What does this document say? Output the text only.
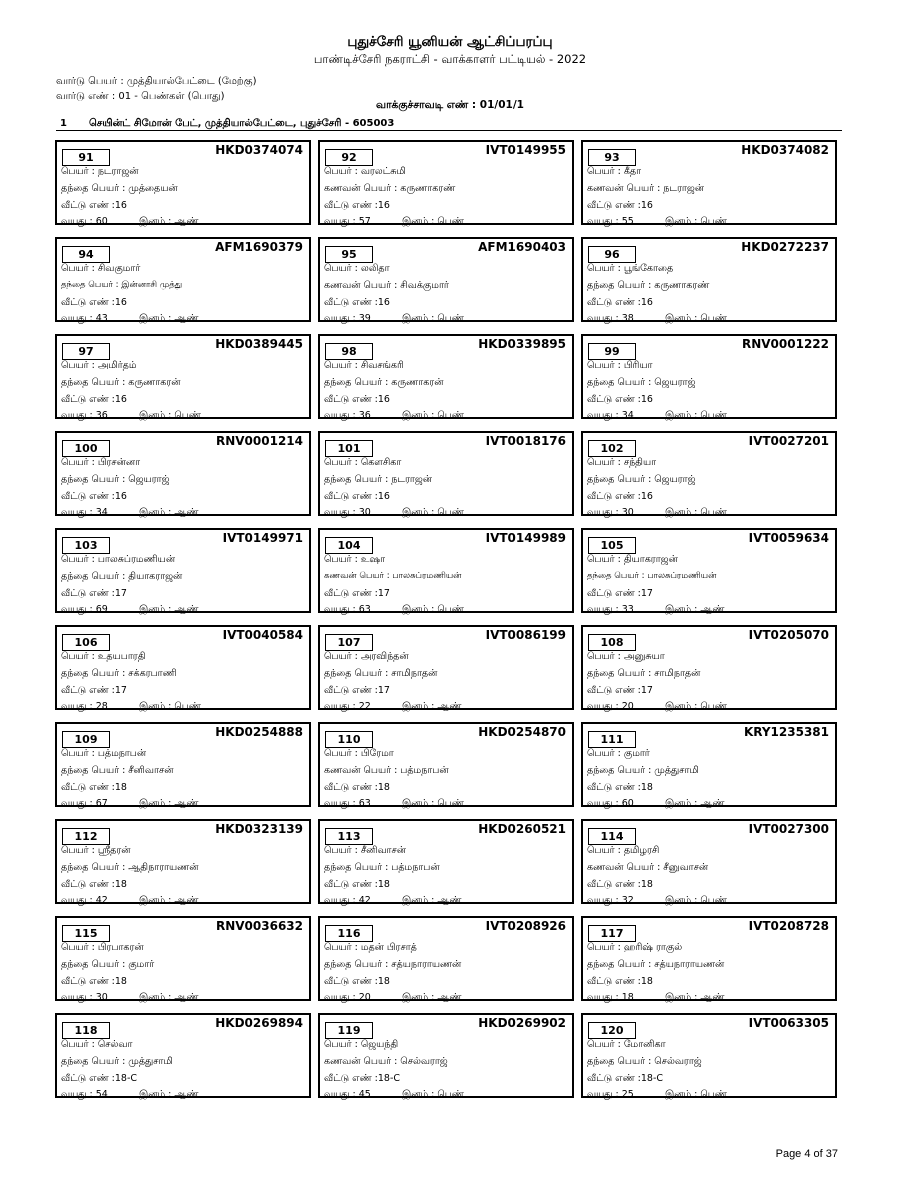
புதுச்சேரி யூனியன் ஆட்சிப்பரப்பு
பாண்டிச்சேரி நகராட்சி - வாக்காளர் பட்டியல் - 2022
வார்டு பெயர் : முத்தியால்பேட்டை (மேற்கு)
வார்டு எண் : 01 - பெண்கள் (பொது)
வாக்குச்சாவடி எண் : 01/01/1
1 செயின்ட் சிமோன் பேட், முத்தியால்பேட்டை, புதுச்சேரி - 605003
91
HKD0374074
பெயர் : நடராஜன்
தந்தை பெயர் : முத்தையன்
வீட்டு எண் :16
வயது : 60	இனம் : ஆண்
92
IVT0149955
பெயர் : வரலட்சுமி
கணவன் பெயர் : கருணாகரண்
வீட்டு எண் :16
வயது : 57	இனம் : பெண்
93
HKD0374082
பெயர் : கீதா
கணவன் பெயர் : நடராஜன்
வீட்டு எண் :16
வயது : 55	இனம் : பெண்
94
AFM1690379
பெயர் : சிவகுமார்
தந்தை பெயர் : இன்னாசி முத்து
வீட்டு எண் :16
வயது : 43	இனம் : ஆண்
95
AFM1690403
பெயர் : லலிதா
கணவன் பெயர் : சிவக்குமார்
வீட்டு எண் :16
வயது : 39	இனம் : பெண்
96
HKD0272237
பெயர் : பூங்கோதை
தந்தை பெயர் : கருணாகரண்
வீட்டு எண் :16
வயது : 38	இனம் : பெண்
97
HKD0389445
பெயர் : அமிர்தம்
தந்தை பெயர் : கருணாகரன்
வீட்டு எண் :16
வயது : 36	இனம் : பெண்
98
HKD0339895
பெயர் : சிவசங்கரி
தந்தை பெயர் : கருணாகரன்
வீட்டு எண் :16
வயது : 36	இனம் : பெண்
99
RNV0001222
பெயர் : பிரியா
தந்தை பெயர் : ஜெயராஜ்
வீட்டு எண் :16
வயது : 34	இனம் : பெண்
100
RNV0001214
பெயர் : பிரசன்னா
தந்தை பெயர் : ஜெயராஜ்
வீட்டு எண் :16
வயது : 34	இனம் : ஆண்
101
IVT0018176
பெயர் : கௌசிகா
தந்தை பெயர் : நடராஜன்
வீட்டு எண் :16
வயது : 30	இனம் : பெண்
102
IVT0027201
பெயர் : சந்தியா
தந்தை பெயர் : ஜெயராஜ்
வீட்டு எண் :16
வயது : 30	இனம் : பெண்
103
IVT0149971
பெயர் : பாலசுப்ரமணியன்
தந்தை பெயர் : தியாகராஜன்
வீட்டு எண் :17
வயது : 69	இனம் : ஆண்
104
IVT0149989
பெயர் : உஷா
கணவன் பெயர் : பாலசுப்ரமணியன்
வீட்டு எண் :17
வயது : 63	இனம் : பெண்
105
IVT0059634
பெயர் : தியாகராஜன்
தந்தை பெயர் : பாலசுப்ரமணியன்
வீட்டு எண் :17
வயது : 33	இனம் : ஆண்
106
IVT0040584
பெயர் : உதயபாரதி
தந்தை பெயர் : சக்கரபாணி
வீட்டு எண் :17
வயது : 28	இனம் : பெண்
107
IVT0086199
பெயர் : அரவிந்தன்
தந்தை பெயர் : சாமிநாதன்
வீட்டு எண் :17
வயது : 22	இனம் : ஆண்
108
IVT0205070
பெயர் : அனுசுயா
தந்தை பெயர் : சாமிநாதன்
வீட்டு எண் :17
வயது : 20	இனம் : பெண்
109
HKD0254888
பெயர் : பத்மநாபன்
தந்தை பெயர் : சீனிவாசன்
வீட்டு எண் :18
வயது : 67	இனம் : ஆண்
110
HKD0254870
பெயர் : பிரேமா
கணவன் பெயர் : பத்மநாபன்
வீட்டு எண் :18
வயது : 63	இனம் : பெண்
111
KRY1235381
பெயர் : குமார்
தந்தை பெயர் : முத்துசாமி
வீட்டு எண் :18
வயது : 60	இனம் : ஆண்
112
HKD0323139
பெயர் : ஸ்ரீதரன்
தந்தை பெயர் : ஆதிநாராயணன்
வீட்டு எண் :18
வயது : 42	இனம் : ஆண்
113
HKD0260521
பெயர் : சீனிவாசன்
தந்தை பெயர் : பத்மநாபன்
வீட்டு எண் :18
வயது : 42	இனம் : ஆண்
114
IVT0027300
பெயர் : தமிழரசி
கணவன் பெயர் : சீனுவாசன்
வீட்டு எண் :18
வயது : 32	இனம் : பெண்
115
RNV0036632
பெயர் : பிரபாகரன்
தந்தை பெயர் : குமார்
வீட்டு எண் :18
வயது : 30	இனம் : ஆண்
116
IVT0208926
பெயர் : மதன் பிரசாத்
தந்தை பெயர் : சத்யநாராயணன்
வீட்டு எண் :18
வயது : 20	இனம் : ஆண்
117
IVT0208728
பெயர் : ஹரிஷ் ராகுல்
தந்தை பெயர் : சத்யநாராயணன்
வீட்டு எண் :18
வயது : 18	இனம் : ஆண்
118
HKD0269894
பெயர் : செல்வா
தந்தை பெயர் : முத்துசாமி
வீட்டு எண் :18-C
வயது : 54	இனம் : ஆண்
119
HKD0269902
பெயர் : ஜெயந்தி
கணவன் பெயர் : செல்வராஜ்
வீட்டு எண் :18-C
வயது : 45	இனம் : பெண்
120
IVT0063305
பெயர் : மோனிகா
தந்தை பெயர் : செல்வராஜ்
வீட்டு எண் :18-C
வயது : 25	இனம் : பெண்
Page 4 of 37
